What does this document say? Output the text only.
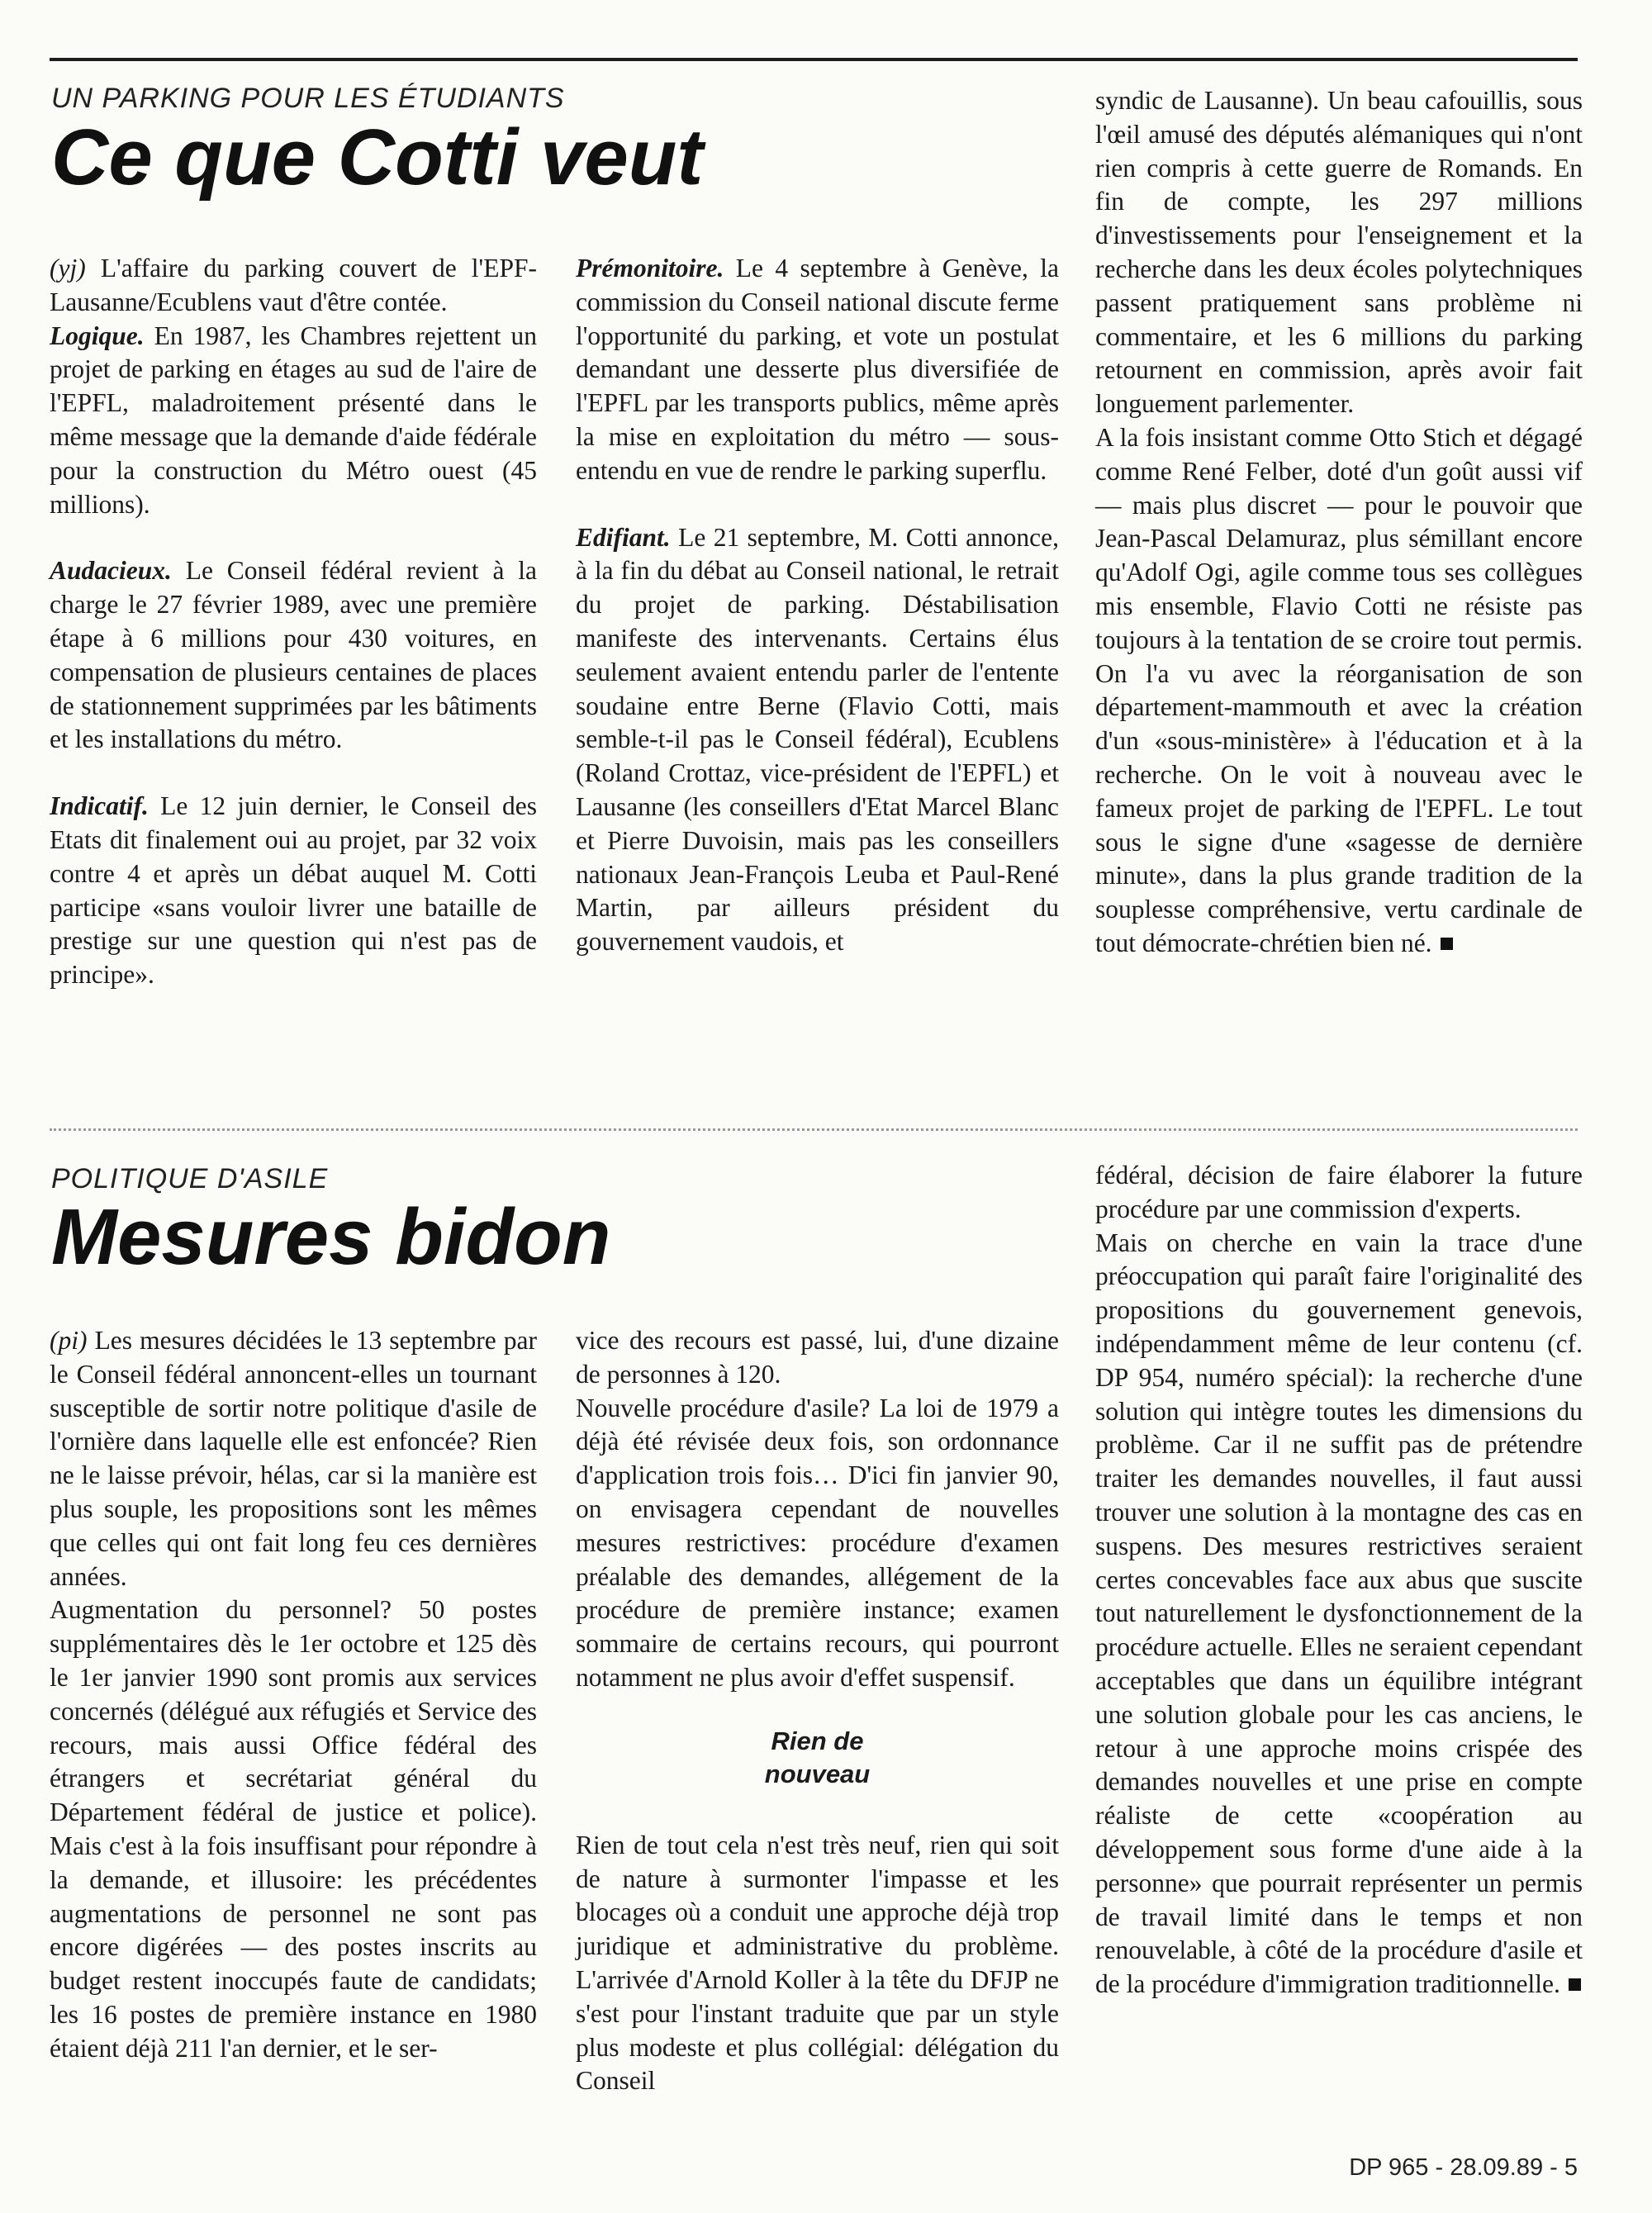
UN PARKING POUR LES ÉTUDIANTS
Ce que Cotti veut

(yj) L'affaire du parking couvert de l'EPF-Lausanne/Ecublens vaut d'être contée.

Logique. En 1987, les Chambres rejettent un projet de parking en étages au sud de l'aire de l'EPFL, maladroitement présenté dans le même message que la demande d'aide fédérale pour la construction du Métro ouest (45 millions).

Audacieux. Le Conseil fédéral revient à la charge le 27 février 1989, avec une première étape à 6 millions pour 430 voitures, en compensation de plusieurs centaines de places de stationnement supprimées par les bâtiments et les installations du métro.

Indicatif. Le 12 juin dernier, le Conseil des Etats dit finalement oui au projet, par 32 voix contre 4 et après un débat auquel M. Cotti participe «sans vouloir livrer une bataille de prestige sur une question qui n'est pas de principe».

Prémonitoire. Le 4 septembre à Genève, la commission du Conseil national discute ferme l'opportunité du parking, et vote un postulat demandant une desserte plus diversifiée de l'EPFL par les transports publics, même après la mise en exploitation du métro — sous-entendu en vue de rendre le parking superflu.

Edifiant. Le 21 septembre, M. Cotti annonce, à la fin du débat au Conseil national, le retrait du projet de parking. Déstabilisation manifeste des intervenants. Certains élus seulement avaient entendu parler de l'entente soudaine entre Berne (Flavio Cotti, mais semble-t-il pas le Conseil fédéral), Ecublens (Roland Crottaz, vice-président de l'EPFL) et Lausanne (les conseillers d'Etat Marcel Blanc et Pierre Duvoisin, mais pas les conseillers nationaux Jean-François Leuba et Paul-René Martin, par ailleurs président du gouvernement vaudois, et

syndic de Lausanne). Un beau cafouillis, sous l'œil amusé des députés alémaniques qui n'ont rien compris à cette guerre de Romands. En fin de compte, les 297 millions d'investissements pour l'enseignement et la recherche dans les deux écoles polytechniques passent pratiquement sans problème ni commentaire, et les 6 millions du parking retournent en commission, après avoir fait longuement parlementer.

A la fois insistant comme Otto Stich et dégagé comme René Felber, doté d'un goût aussi vif — mais plus discret — pour le pouvoir que Jean-Pascal Delamuraz, plus sémillant encore qu'Adolf Ogi, agile comme tous ses collègues mis ensemble, Flavio Cotti ne résiste pas toujours à la tentation de se croire tout permis. On l'a vu avec la réorganisation de son département-mammouth et avec la création d'un «sous-ministère» à l'éducation et à la recherche. On le voit à nouveau avec le fameux projet de parking de l'EPFL. Le tout sous le signe d'une «sagesse de dernière minute», dans la plus grande tradition de la souplesse compréhensive, vertu cardinale de tout démocrate-chrétien bien né.

POLITIQUE D'ASILE
Mesures bidon

(pi) Les mesures décidées le 13 septembre par le Conseil fédéral annoncent-elles un tournant susceptible de sortir notre politique d'asile de l'ornière dans laquelle elle est enfoncée? Rien ne le laisse prévoir, hélas, car si la manière est plus souple, les propositions sont les mêmes que celles qui ont fait long feu ces dernières années.

Augmentation du personnel? 50 postes supplémentaires dès le 1er octobre et 125 dès le 1er janvier 1990 sont promis aux services concernés (délégué aux réfugiés et Service des recours, mais aussi Office fédéral des étrangers et secrétariat général du Département fédéral de justice et police). Mais c'est à la fois insuffisant pour répondre à la demande, et illusoire: les précédentes augmentations de personnel ne sont pas encore digérées — des postes inscrits au budget restent inoccupés faute de candidats; les 16 postes de première instance en 1980 étaient déjà 211 l'an dernier, et le ser-

vice des recours est passé, lui, d'une dizaine de personnes à 120.

Nouvelle procédure d'asile? La loi de 1979 a déjà été révisée deux fois, son ordonnance d'application trois fois… D'ici fin janvier 90, on envisagera cependant de nouvelles mesures restrictives: procédure d'examen préalable des demandes, allégement de la procédure de première instance; examen sommaire de certains recours, qui pourront notamment ne plus avoir d'effet suspensif.

Rien de
nouveau

Rien de tout cela n'est très neuf, rien qui soit de nature à surmonter l'impasse et les blocages où a conduit une approche déjà trop juridique et administrative du problème. L'arrivée d'Arnold Koller à la tête du DFJP ne s'est pour l'instant traduite que par un style plus modeste et plus collégial: délégation du Conseil

fédéral, décision de faire élaborer la future procédure par une commission d'experts.

Mais on cherche en vain la trace d'une préoccupation qui paraît faire l'originalité des propositions du gouvernement genevois, indépendamment même de leur contenu (cf. DP 954, numéro spécial): la recherche d'une solution qui intègre toutes les dimensions du problème. Car il ne suffit pas de prétendre traiter les demandes nouvelles, il faut aussi trouver une solution à la montagne des cas en suspens. Des mesures restrictives seraient certes concevables face aux abus que suscite tout naturellement le dysfonctionnement de la procédure actuelle. Elles ne seraient cependant acceptables que dans un équilibre intégrant une solution globale pour les cas anciens, le retour à une approche moins crispée des demandes nouvelles et une prise en compte réaliste de cette «coopération au développement sous forme d'une aide à la personne» que pourrait représenter un permis de travail limité dans le temps et non renouvelable, à côté de la procédure d'asile et de la procédure d'immigration traditionnelle.

DP 965 - 28.09.89 - 5
